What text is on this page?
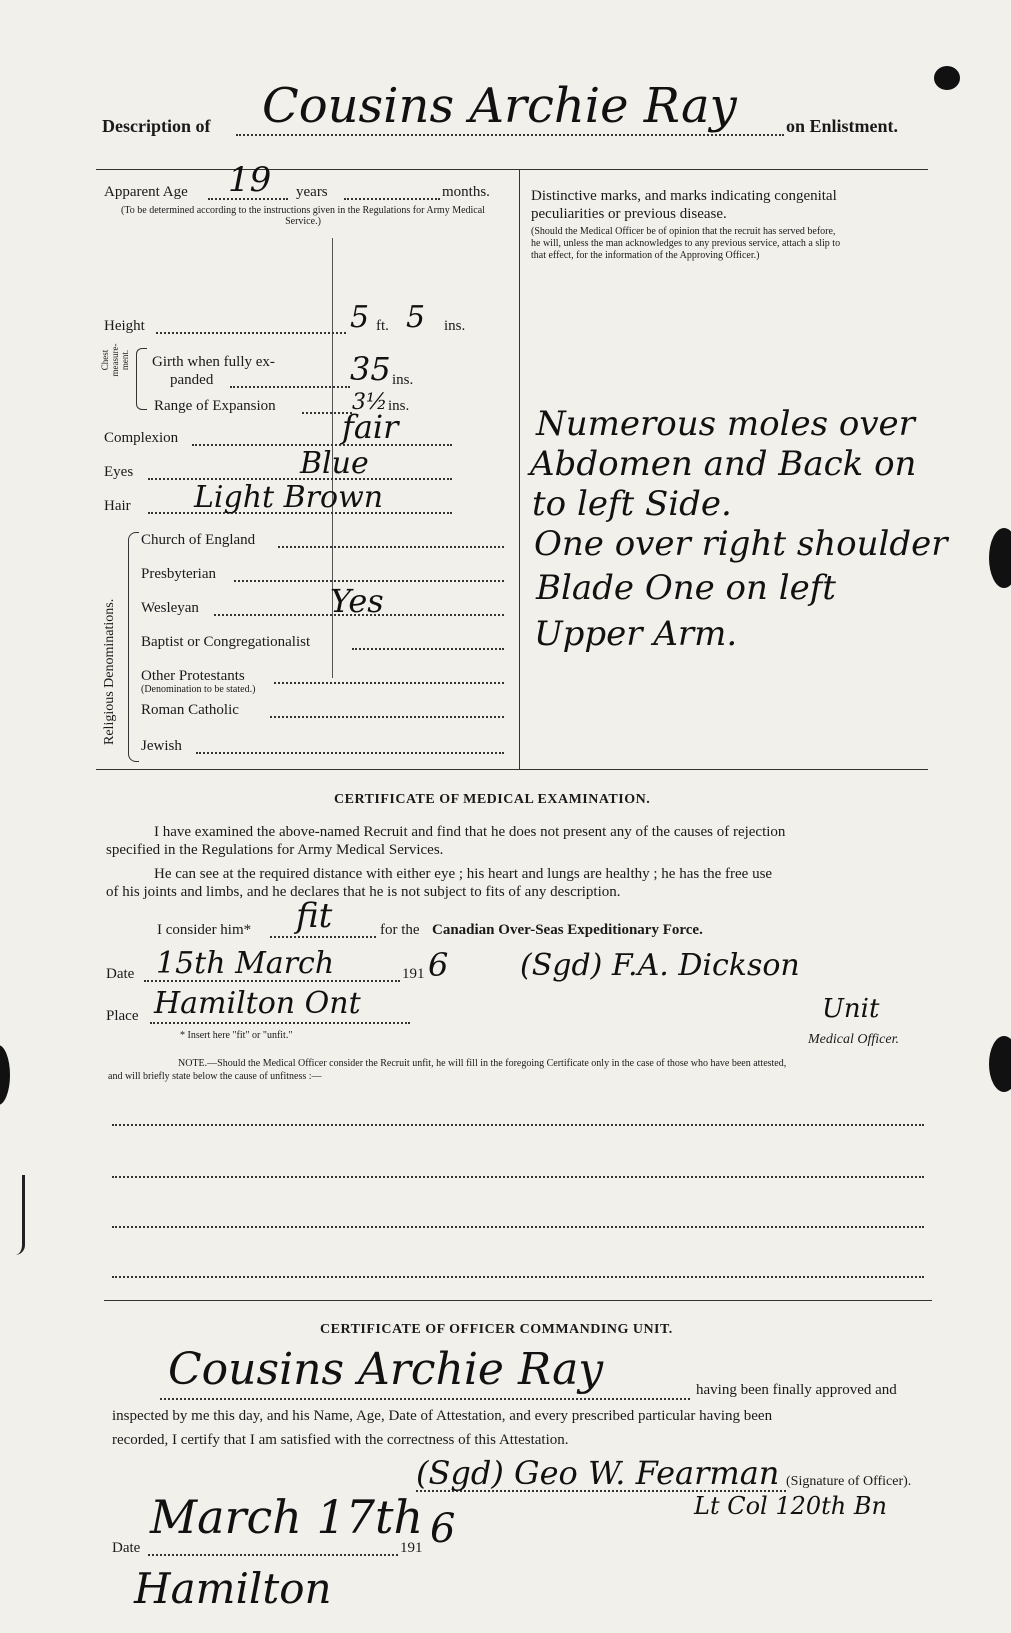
Description of Cousins Archie Ray	on Enlistment.
Apparent Age 19 years	months.
(To be determined according to the instructions given in the Regulations for Army Medical Service.)
Height	5 ft. 5 ins.
Chest measure-ment. Girth when fully ex-
panded	35 ins.
Range of Expansion	3½ ins.
Complexion	fair
Eyes	Blue
Hair Light Brown
Religious Denominations.
Church of England
Presbyterian
Wesleyan	Yes
Baptist or Congregationalist
Other Protestants
(Denomination to be stated.)
Roman Catholic
Jewish
Distinctive marks, and marks indicating congenital
peculiarities or previous disease.
(Should the Medical Officer be of opinion that the recruit has served before,
he will, unless the man acknowledges to any previous service, attach a slip to
that effect, for the information of the Approving Officer.)
Numerous moles over
Abdomen and Back on
to left Side.
One over right shoulder
Blade One on left
Upper Arm.
CERTIFICATE OF MEDICAL EXAMINATION.
I have examined the above-named Recruit and find that he does not present any of the causes of rejection
specified in the Regulations for Army Medical Services.
He can see at the required distance with either eye ; his heart and lungs are healthy ; he has the free use
of his joints and limbs, and he declares that he is not subject to fits of any description.
I consider him* fit	for the Canadian Over-Seas Expeditionary Force.
Date 15th March	191 6 (Sgd) F.A. Dickson
Place Hamilton Ont	Unit
* Insert here "fit" or "unfit."	Medical Officer.
NOTE.—Should the Medical Officer consider the Recruit unfit, he will fill in the foregoing Certificate only in the case of those who have been attested,
and will briefly state below the cause of unfitness :—
CERTIFICATE OF OFFICER COMMANDING UNIT.
Cousins Archie Ray	having been finally approved and
inspected by me this day, and his Name, Age, Date of Attestation, and every prescribed particular having been
recorded, I certify that I am satisfied with the correctness of this Attestation.
(Sgd) Geo W. Fearman (Signature of Officer).
Lt Col 120th Bn
Date
March 17th
191 6
Hamilton
